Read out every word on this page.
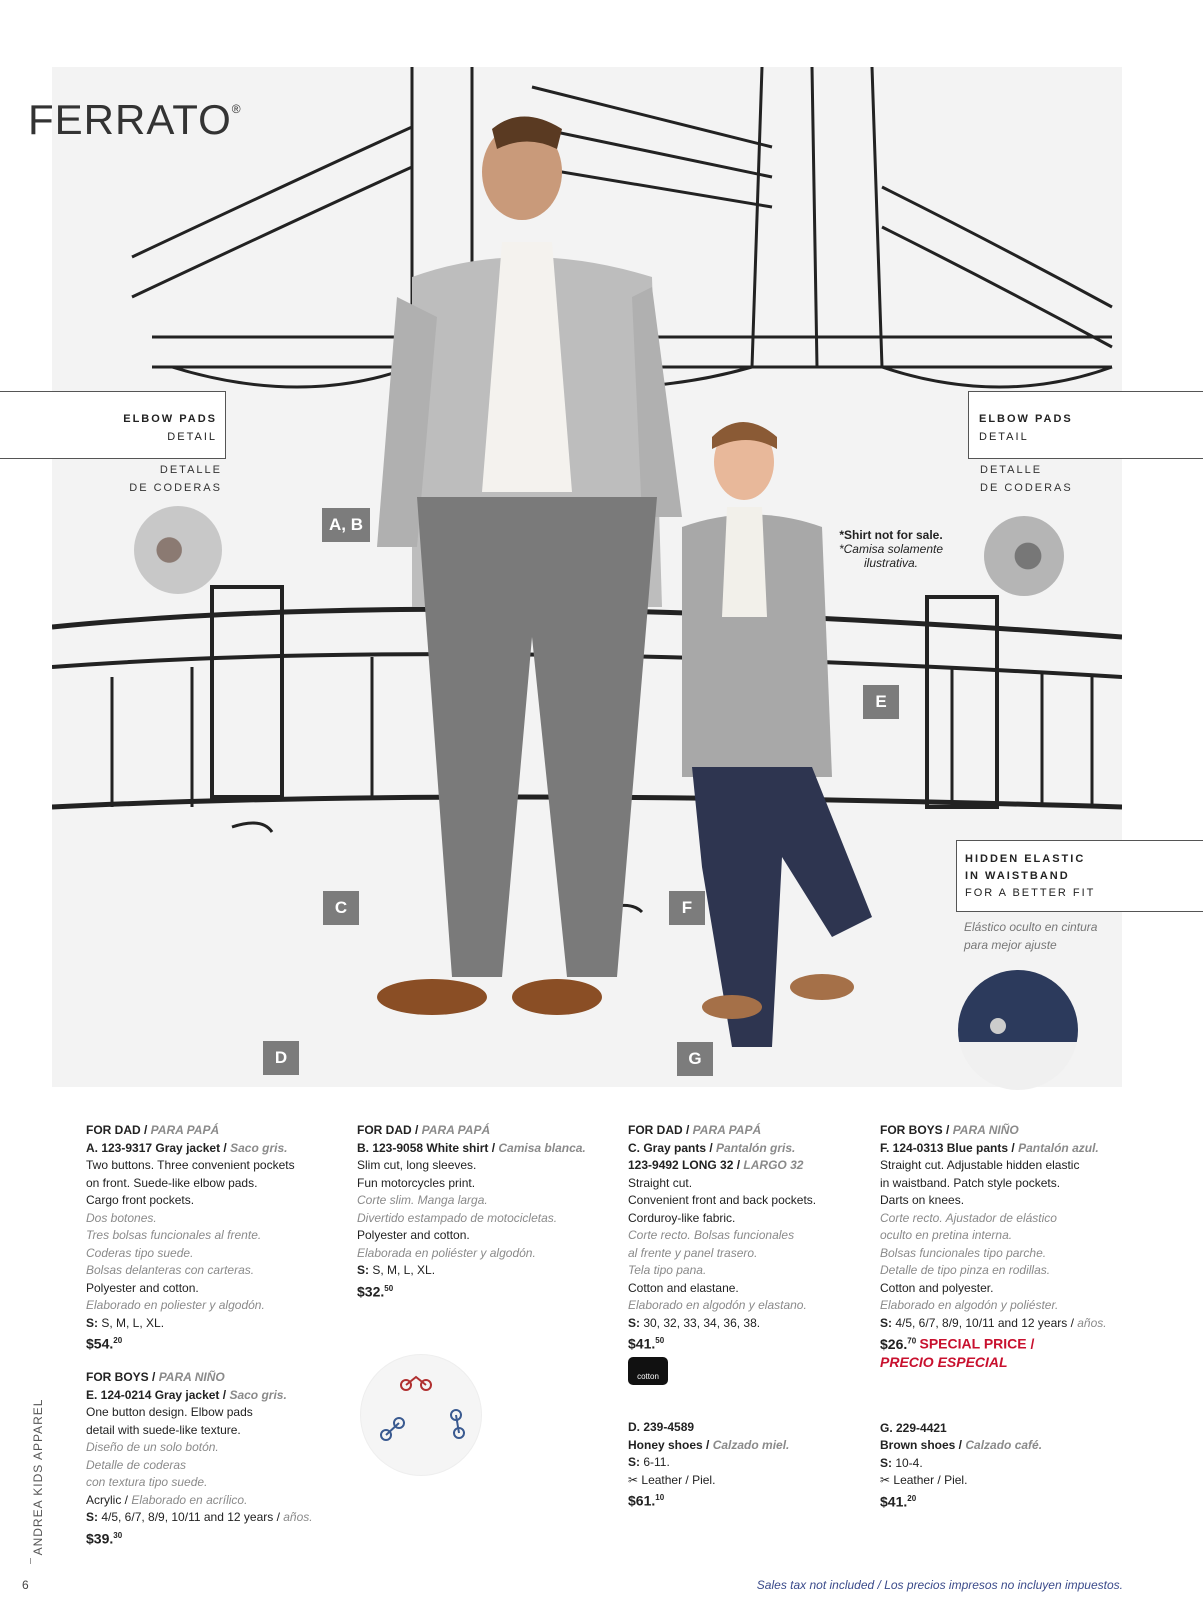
FERRATO®
ELBOW PADS
DETAIL
DETALLE
DE CODERAS
ELBOW PADS
DETAIL
DETALLE
DE CODERAS
*Shirt not for sale.
*Camisa solamente
ilustrativa.
HIDDEN ELASTIC
IN WAISTBAND
FOR A BETTER FIT
Elástico oculto en cintura
para mejor ajuste
A, B
C
D
E
F
G

FOR DAD / PARA PAPÁ

A. 123-9317 Gray jacket / Saco gris.

Two buttons. Three convenient pockets

on front. Suede-like elbow pads.

Cargo front pockets.

Dos botones.

Tres bolsas funcionales al frente.

Coderas tipo suede.

Bolsas delanteras con carteras.

Polyester and cotton.

Elaborado en poliester y algodón.

S: S, M, L, XL.

$54.20

FOR BOYS / PARA NIÑO

E. 124-0214 Gray jacket / Saco gris.

One button design. Elbow pads

detail with suede-like texture.

Diseño de un solo botón.

Detalle de coderas

con textura tipo suede.

Acrylic / Elaborado en acrílico.

S: 4/5, 6/7, 8/9, 10/11 and 12 years / años.

$39.30

FOR DAD / PARA PAPÁ

B. 123-9058 White shirt / Camisa blanca.

Slim cut, long sleeves.

Fun motorcycles print.

Corte slim. Manga larga.

Divertido estampado de motocicletas.

Polyester and cotton.

Elaborada en poliéster y algodón.

S: S, M, L, XL.

$32.50

FOR DAD / PARA PAPÁ

C. Gray pants / Pantalón gris.

123-9492 LONG 32 / LARGO 32

Straight cut.

Convenient front and back pockets.

Corduroy-like fabric.

Corte recto. Bolsas funcionales

al frente y panel trasero.

Tela tipo pana.

Cotton and elastane.

Elaborado en algodón y elastano.

S: 30, 32, 33, 34, 36, 38.

$41.50

cotton

D. 239-4589

Honey shoes / Calzado miel.

S: 6-11.

✂ Leather / Piel.

$61.10

FOR BOYS / PARA NIÑO

F. 124-0313 Blue pants / Pantalón azul.

Straight cut. Adjustable hidden elastic

in waistband. Patch style pockets.

Darts on knees.

Corte recto. Ajustador de elástico

oculto en pretina interna.

Bolsas funcionales tipo parche.

Detalle de tipo pinza en rodillas.

Cotton and polyester.

Elaborado en algodón y poliéster.

S: 4/5, 6/7, 8/9, 10/11 and 12 years / años.

$26.70 SPECIAL PRICE /

PRECIO ESPECIAL

G. 229-4421

Brown shoes / Calzado café.

S: 10-4.

✂ Leather / Piel.

$41.20

ANDREA KIDS APPAREL
6	Sales tax not included / Los precios impresos no incluyen impuestos.
